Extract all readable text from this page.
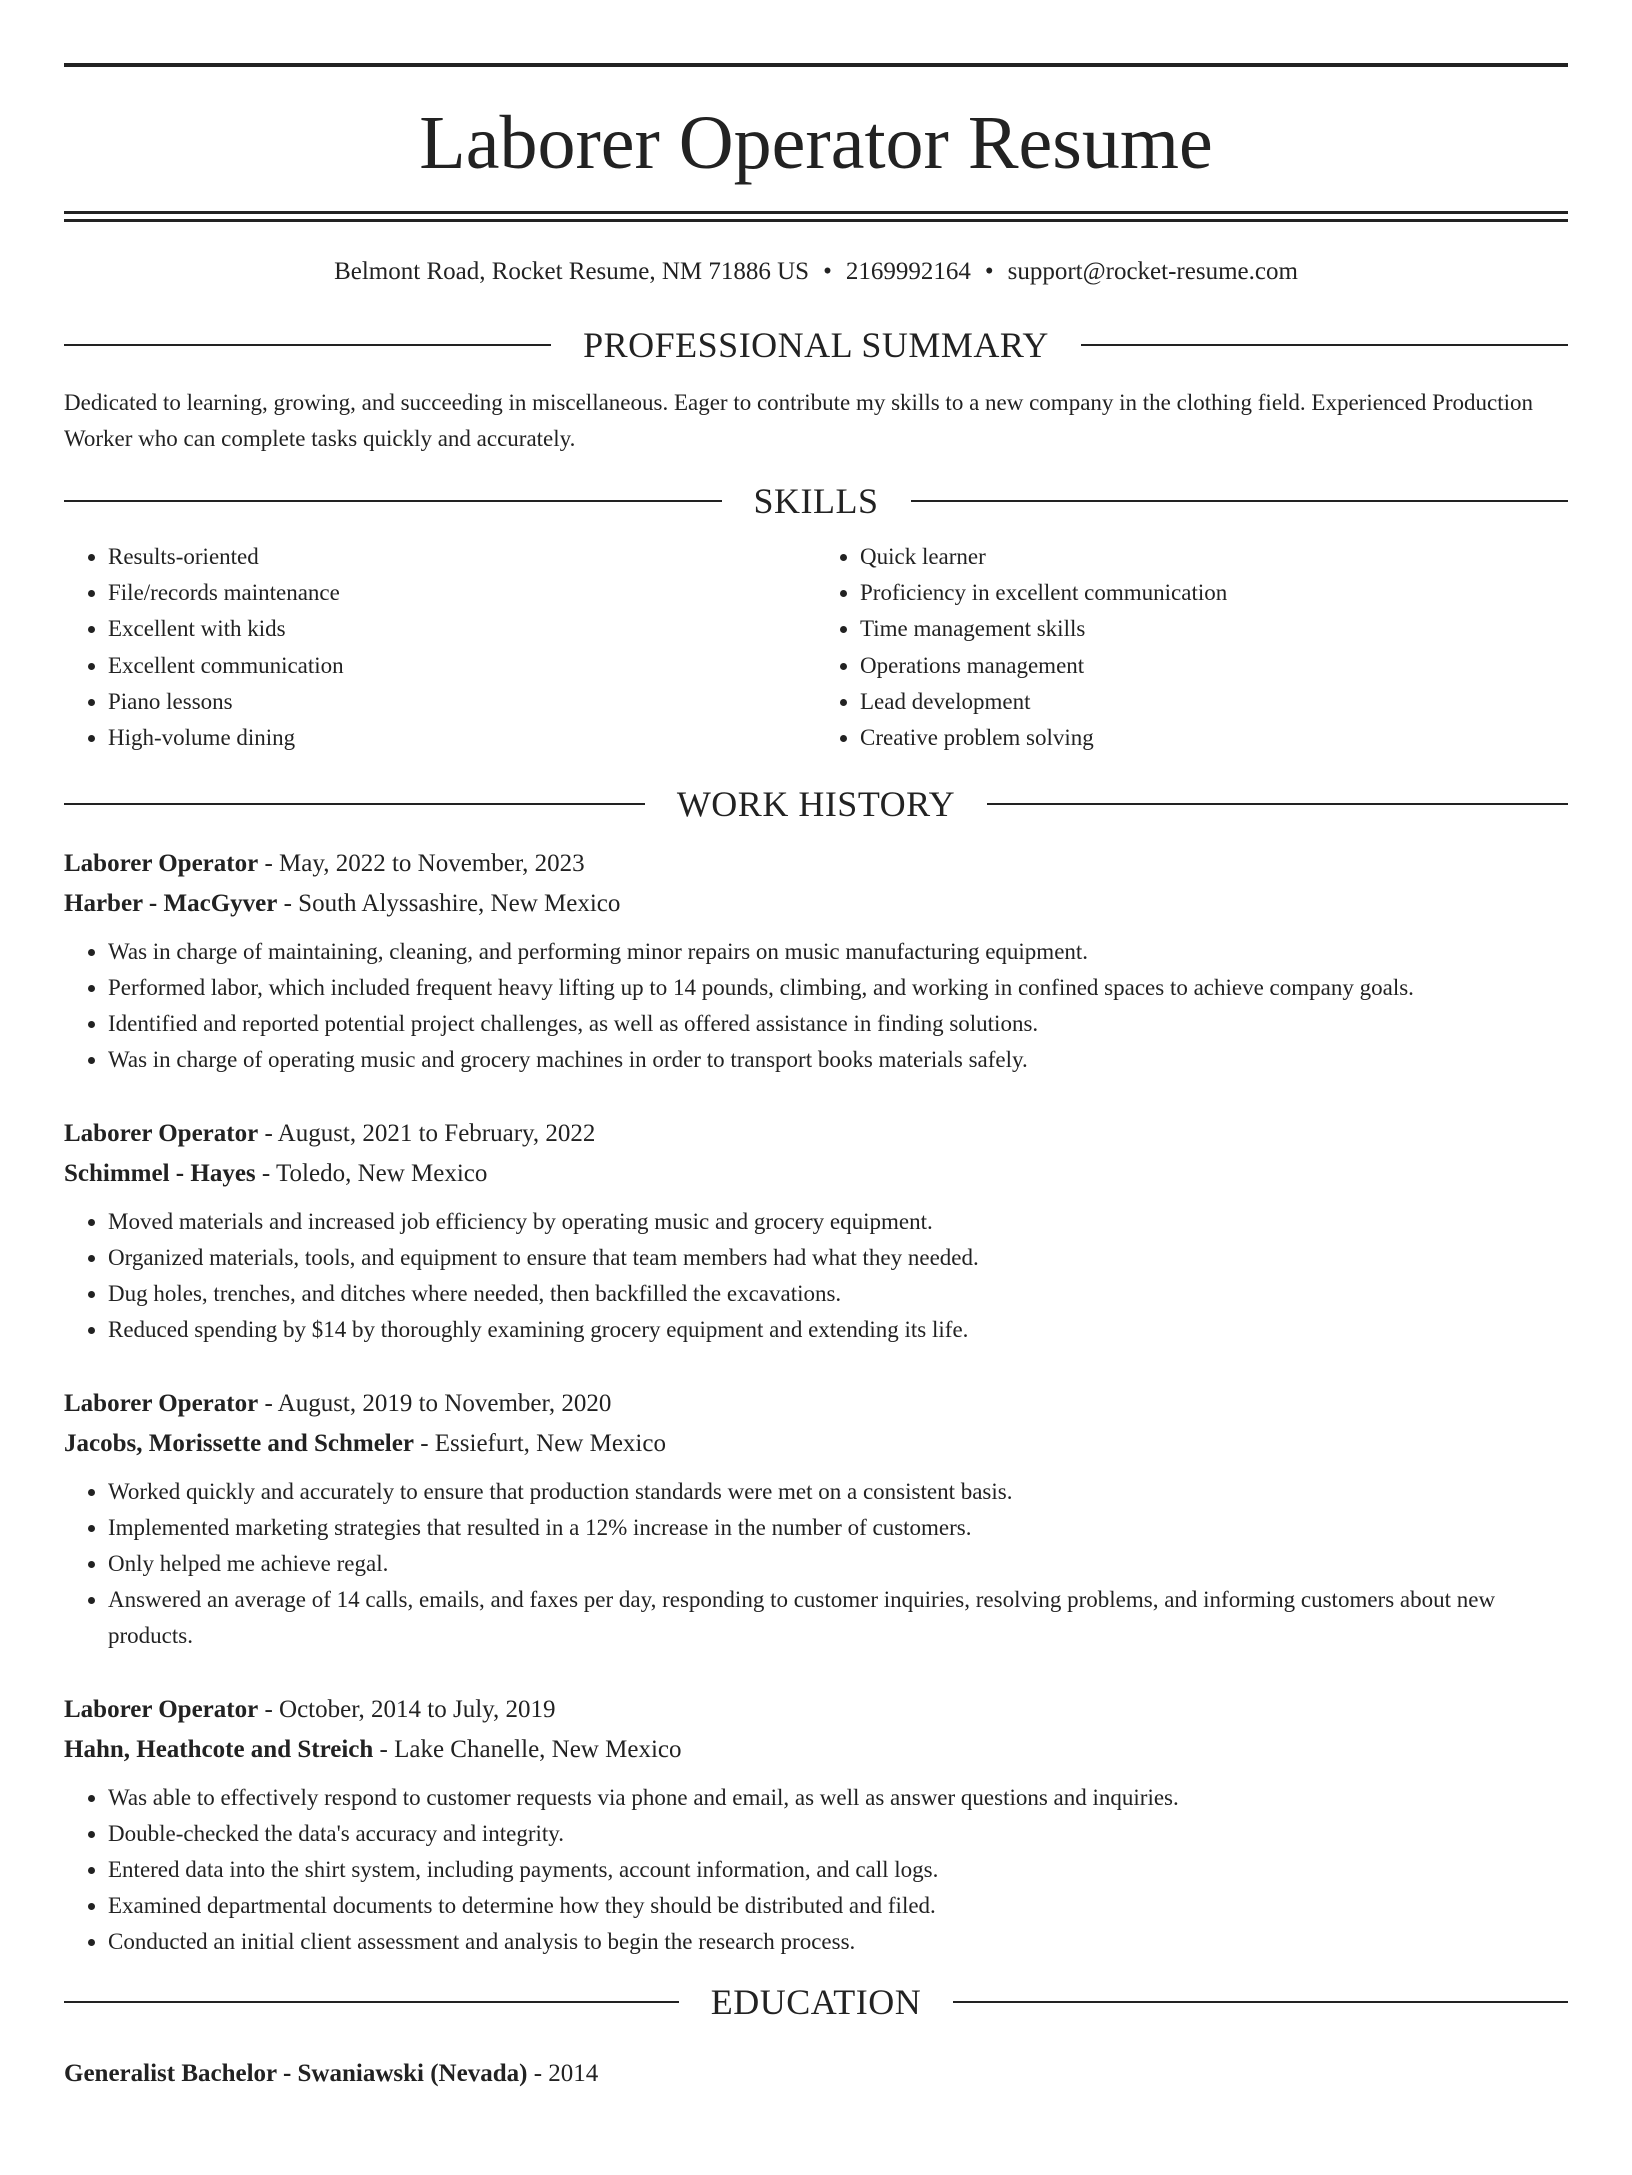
Laborer Operator Resume
Belmont Road, Rocket Resume, NM 71886 US • 2169992164 • support@rocket-resume.com
PROFESSIONAL SUMMARY
Dedicated to learning, growing, and succeeding in miscellaneous. Eager to contribute my skills to a new company in the clothing field. Experienced Production Worker who can complete tasks quickly and accurately.
SKILLS
• Results-oriented
• File/records maintenance
• Excellent with kids
• Excellent communication
• Piano lessons
• High-volume dining
• Quick learner
• Proficiency in excellent communication
• Time management skills
• Operations management
• Lead development
• Creative problem solving
WORK HISTORY
Laborer Operator - May, 2022 to November, 2023
Harber - MacGyver - South Alyssashire, New Mexico
• Was in charge of maintaining, cleaning, and performing minor repairs on music manufacturing equipment.
• Performed labor, which included frequent heavy lifting up to 14 pounds, climbing, and working in confined spaces to achieve company goals.
• Identified and reported potential project challenges, as well as offered assistance in finding solutions.
• Was in charge of operating music and grocery machines in order to transport books materials safely.
Laborer Operator - August, 2021 to February, 2022
Schimmel - Hayes - Toledo, New Mexico
• Moved materials and increased job efficiency by operating music and grocery equipment.
• Organized materials, tools, and equipment to ensure that team members had what they needed.
• Dug holes, trenches, and ditches where needed, then backfilled the excavations.
• Reduced spending by $14 by thoroughly examining grocery equipment and extending its life.
Laborer Operator - August, 2019 to November, 2020
Jacobs, Morissette and Schmeler - Essiefurt, New Mexico
• Worked quickly and accurately to ensure that production standards were met on a consistent basis.
• Implemented marketing strategies that resulted in a 12% increase in the number of customers.
• Only helped me achieve regal.
• Answered an average of 14 calls, emails, and faxes per day, responding to customer inquiries, resolving problems, and informing customers about new products.
Laborer Operator - October, 2014 to July, 2019
Hahn, Heathcote and Streich - Lake Chanelle, New Mexico
• Was able to effectively respond to customer requests via phone and email, as well as answer questions and inquiries.
• Double-checked the data's accuracy and integrity.
• Entered data into the shirt system, including payments, account information, and call logs.
• Examined departmental documents to determine how they should be distributed and filed.
• Conducted an initial client assessment and analysis to begin the research process.
EDUCATION
Generalist Bachelor - Swaniawski (Nevada) - 2014
